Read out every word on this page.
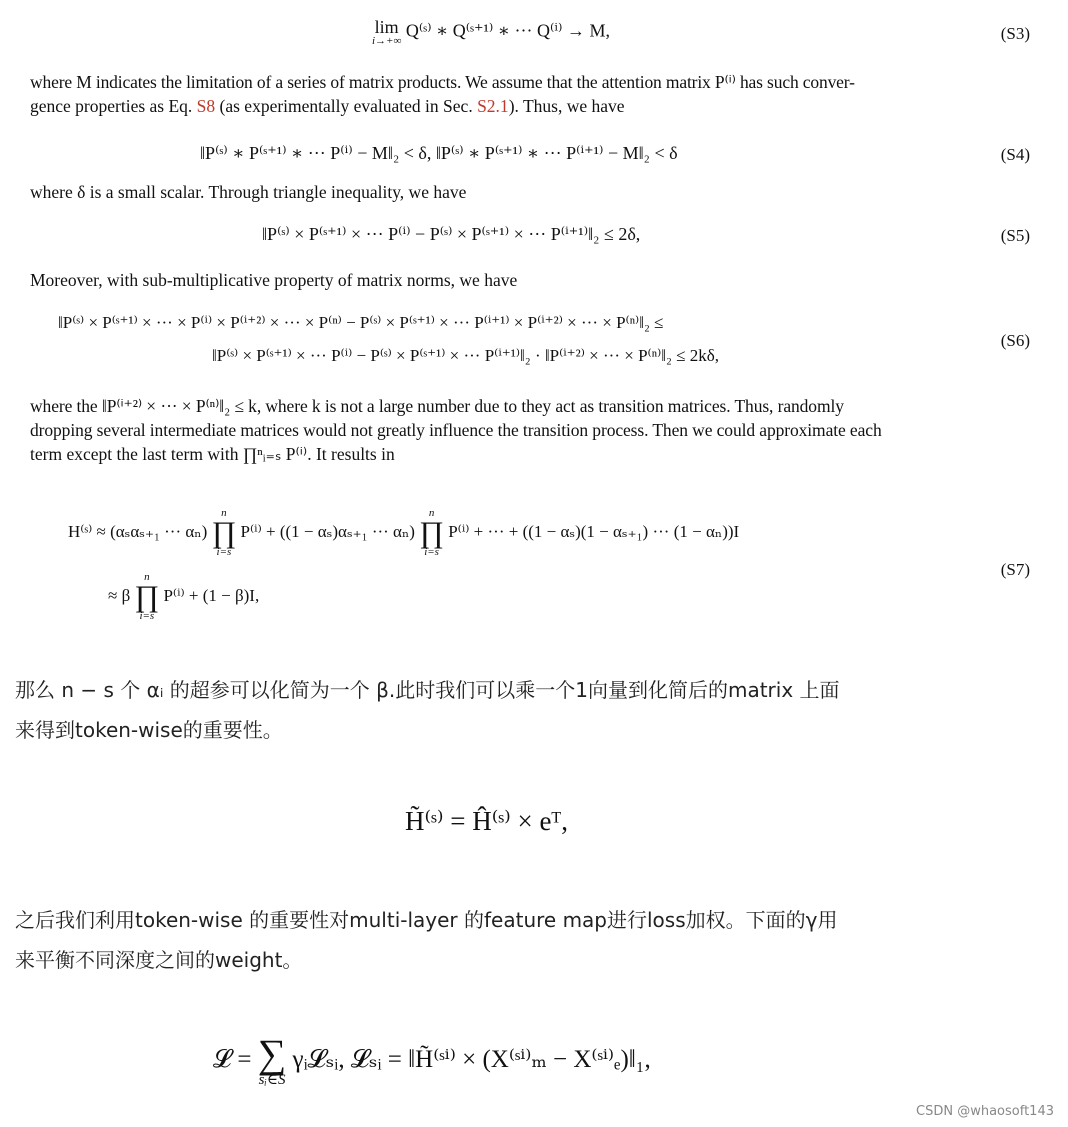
lim
i→+∞
Q⁽ˢ⁾ ∗ Q⁽ˢ⁺¹⁾ ∗ ··· Q⁽ⁱ⁾ → M,	(S3)
where M indicates the limitation of a series of matrix products. We assume that the attention matrix P⁽ⁱ⁾ has such conver-
gence properties as Eq. S8 (as experimentally evaluated in Sec. S2.1). Thus, we have
‖P⁽ˢ⁾ ∗ P⁽ˢ⁺¹⁾ ∗ ··· P⁽ⁱ⁾ − M‖₂ < δ, ‖P⁽ˢ⁾ ∗ P⁽ˢ⁺¹⁾ ∗ ··· P⁽ⁱ⁺¹⁾ − M‖₂ < δ	(S4)
where δ is a small scalar. Through triangle inequality, we have
‖P⁽ˢ⁾ × P⁽ˢ⁺¹⁾ × ··· P⁽ⁱ⁾ − P⁽ˢ⁾ × P⁽ˢ⁺¹⁾ × ··· P⁽ⁱ⁺¹⁾‖₂ ≤ 2δ,	(S5)
Moreover, with sub-multiplicative property of matrix norms, we have
‖P⁽ˢ⁾ × P⁽ˢ⁺¹⁾ × ··· × P⁽ⁱ⁾ × P⁽ⁱ⁺²⁾ × ··· × P⁽ⁿ⁾ − P⁽ˢ⁾ × P⁽ˢ⁺¹⁾ × ··· P⁽ⁱ⁺¹⁾ × P⁽ⁱ⁺²⁾ × ··· × P⁽ⁿ⁾‖₂ ≤
‖P⁽ˢ⁾ × P⁽ˢ⁺¹⁾ × ··· P⁽ⁱ⁾ − P⁽ˢ⁾ × P⁽ˢ⁺¹⁾ × ··· P⁽ⁱ⁺¹⁾‖₂ · ‖P⁽ⁱ⁺²⁾ × ··· × P⁽ⁿ⁾‖₂ ≤ 2kδ,
(S6)
where the ‖P⁽ⁱ⁺²⁾ × ··· × P⁽ⁿ⁾‖₂ ≤ k, where k is not a large number due to they act as transition matrices. Thus, randomly
dropping several intermediate matrices would not greatly influence the transition process. Then we could approximate each
term except the last term with ∏ⁿᵢ₌ₛ P⁽ⁱ⁾. It results in
H⁽ˢ⁾ ≈ (αₛαₛ₊₁ ··· αₙ)
n
∏
i=s
P⁽ⁱ⁾ + ((1 − αₛ)αₛ₊₁ ··· αₙ)
n
∏
i=s
P⁽ⁱ⁾ + ··· + ((1 − αₛ)(1 − αₛ₊₁) ··· (1 − αₙ))I
≈ β
n
∏
i=s
P⁽ⁱ⁾ + (1 − β)I,
(S7)
那么 n − s 个 αᵢ 的超参可以化简为一个 β.此时我们可以乘一个1向量到化简后的matrix 上面
来得到token-wise的重要性。
H̃⁽ˢ⁾ = Ĥ⁽ˢ⁾ × eᵀ,
之后我们利用token-wise 的重要性对multi-layer 的feature map进行loss加权。下面的γ用
来平衡不同深度之间的weight。
𝓛 = ∑
sᵢ∈S
γᵢ𝓛ₛᵢ, 𝓛ₛᵢ = ‖H̃⁽ˢⁱ⁾ × (X⁽ˢⁱ⁾ₘ − X⁽ˢⁱ⁾ₑ)‖₁,
CSDN @whaosoft143
